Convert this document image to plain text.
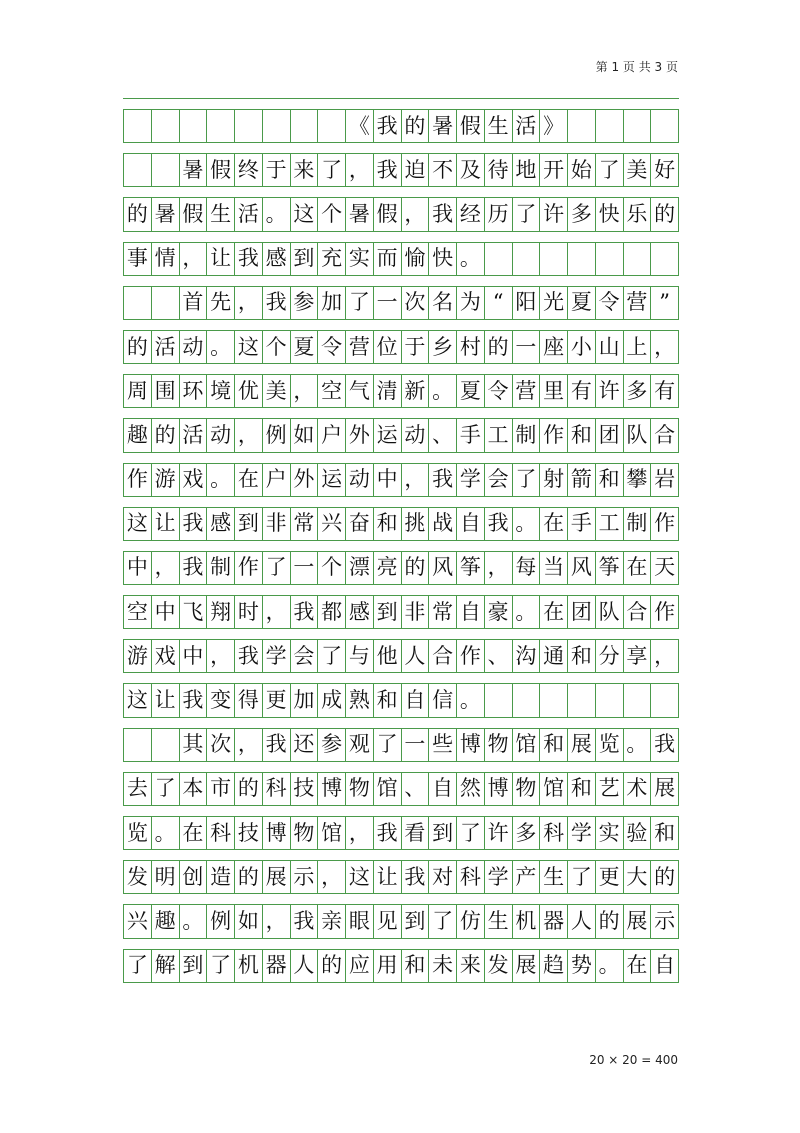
第 1 页 共 3 页
《 我 的 暑 假 生 活 》
暑 假 终 于 来 了 ， 我 迫 不 及 待 地 开 始 了 美 好
的 暑 假 生 活 。 这 个 暑 假 ， 我 经 历 了 许 多 快 乐 的
事 情 ， 让 我 感 到 充 实 而 愉 快 。
首 先 ， 我 参 加 了 一 次 名 为 “ 阳 光 夏 令 营 ”
的 活 动 。 这 个 夏 令 营 位 于 乡 村 的 一 座 小 山 上 ，
周 围 环 境 优 美 ， 空 气 清 新 。 夏 令 营 里 有 许 多 有
趣 的 活 动 ， 例 如 户 外 运 动 、 手 工 制 作 和 团 队 合
作 游 戏 。 在 户 外 运 动 中 ， 我 学 会 了 射 箭 和 攀 岩
这 让 我 感 到 非 常 兴 奋 和 挑 战 自 我 。 在 手 工 制 作
中 ， 我 制 作 了 一 个 漂 亮 的 风 筝 ， 每 当 风 筝 在 天
空 中 飞 翔 时 ， 我 都 感 到 非 常 自 豪 。 在 团 队 合 作
游 戏 中 ， 我 学 会 了 与 他 人 合 作 、 沟 通 和 分 享 ，
这 让 我 变 得 更 加 成 熟 和 自 信 。
其 次 ， 我 还 参 观 了 一 些 博 物 馆 和 展 览 。 我
去 了 本 市 的 科 技 博 物 馆 、 自 然 博 物 馆 和 艺 术 展
览 。 在 科 技 博 物 馆 ， 我 看 到 了 许 多 科 学 实 验 和
发 明 创 造 的 展 示 ， 这 让 我 对 科 学 产 生 了 更 大 的
兴 趣 。 例 如 ， 我 亲 眼 见 到 了 仿 生 机 器 人 的 展 示
了 解 到 了 机 器 人 的 应 用 和 未 来 发 展 趋 势 。 在 自
20 × 20 = 400
